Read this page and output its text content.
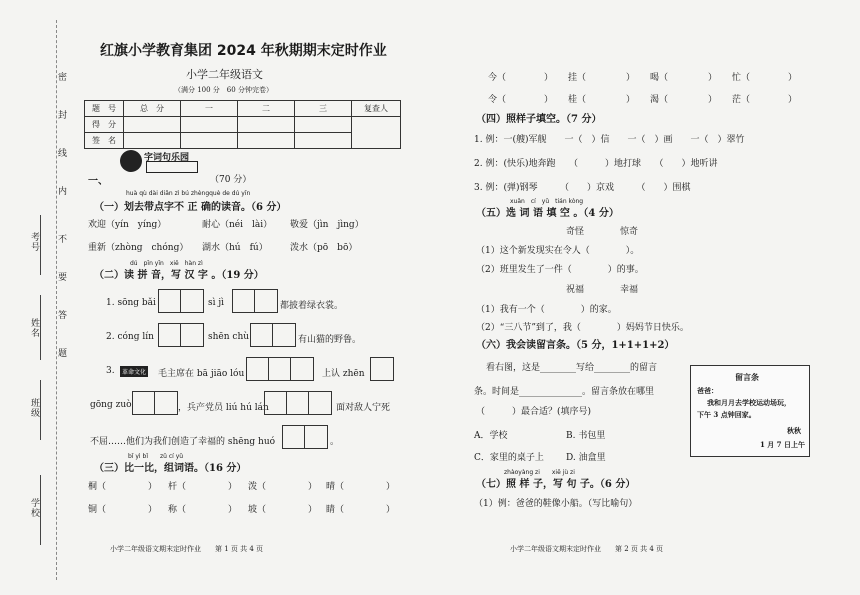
密
封
线
内
不
要
答
题
考号
姓名
班级
学校
红旗小学教育集团 2024 年秋期期末定时作业
小学二年级语文
（满分 100 分　60 分钟完卷）
题　号	总　分	一	二	三	复查人
得　分					
签　名					
一、
字词句乐园
（70 分）
huà qù dài diǎn zì bú zhèngquè de dú yīn
（一）划去带点字不 正 确的读音。（6 分）
欢迎（yín　yíng）	耐心（néi　lài） 敬爱（jìn　jìng）
重新（zhòng　chóng） 湖水（hú　fú） 泼水（pō　bō）
dú　pīn yīn　xiě　hàn zì
（二）读 拼 音，写 汉 字 。（19 分）
1. sōng bǎi	sì jì	都披着绿衣裳。
2. cóng lín	shēn chù	有山猫的野鲁。
3.	革命文化 毛主席在 bā jiāo lóu	上认 zhēn
gōng zuò	，兵产党员 liú hú lán	面对敌人宁死
不屈……他们为我们创造了幸福的 shēng huó	。
bǐ yì bǐ　　zǔ cí yǔ
（三）比一比，组词语。（16 分）
桐（	） 杆（	） 泼（	） 晴（	）
铜（	） 称（	） 坡（	） 睛（	）
小学二年级语文期末定时作业　　第 1 页 共 4 页
今（	） 挂（	） 喝（	） 忙（	）
令（	） 桂（	） 渴（	） 茫（	）
（四）照样子填空。（7 分）
1. 例：一(艘)军舰　　一（　）信　　一（　）画　　一（　）翠竹
2. 例：(快乐)地奔跑　　（　　　）地打球　　（　　）地听讲
3. 例：(弹)钢琴　　　（　　）京戏　　　（　　）围棋
xuǎn　cí　yǔ　tián kòng
（五）选 词 语 填 空 。（4 分）
奇怪　　　　惊奇
（1）这个新发现实在令人（　　　　）。
（2）班里发生了一件（　　　　）的事。
祝福　　　　幸福
（1）我有一个（　　　　）的家。
（2）“三八节”到了，我（　　　　）妈妈节日快乐。
（六）我会读留言条。（5 分，1+1+1+2）
看右图，这是________写给________的留言
条。时间是______________。留言条放在哪里
（　　　）最合适？(填序号)
A．学校	B. 书包里
C．家里的桌子上 D. 油盒里
zhàoyàng zi　　xiě jù zi
（七）照 样 子，写 句 子。（6 分）
（1）例：爸爸的鞋像小船。（写比喻句）
小学二年级语文期末定时作业　　第 2 页 共 4 页
留言条
爸爸：
我和月月去学校运动场玩，
下午 3 点钟回家。
秋秋
1 月 7 日上午
